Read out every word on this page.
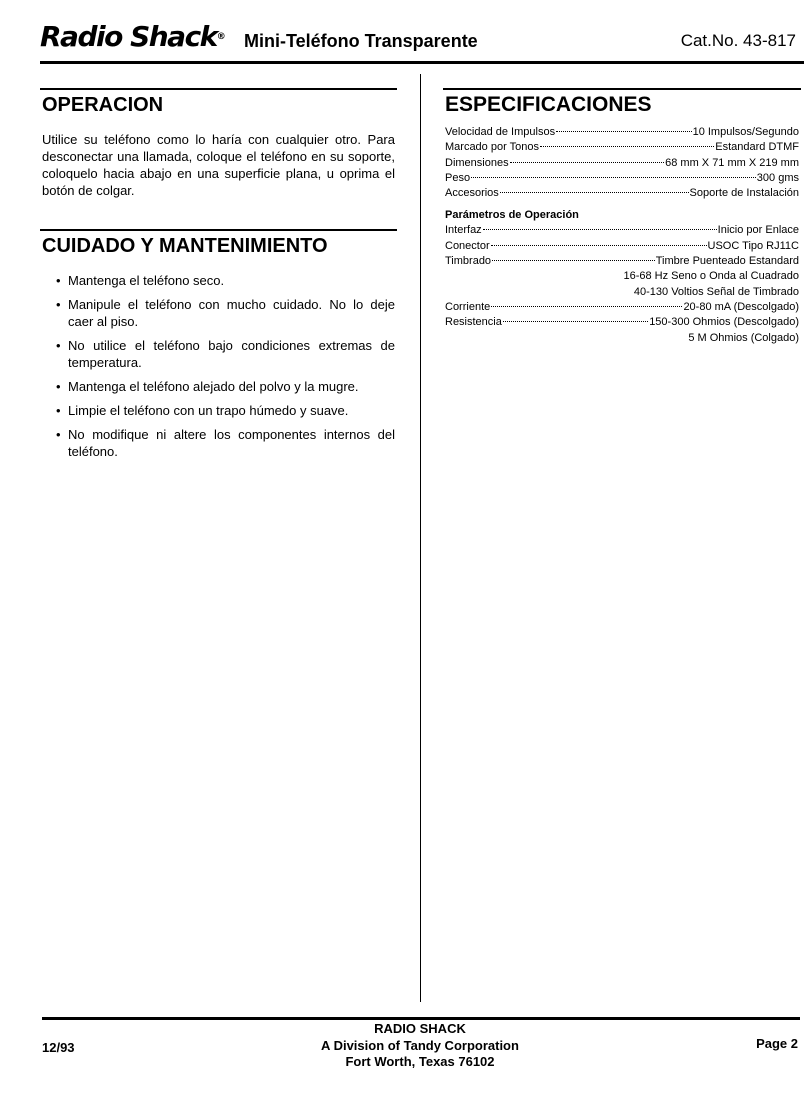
Radio Shack® Mini-Teléfono Transparente	Cat.No. 43-817
OPERACION

Utilice su teléfono como lo haría con cualquier otro. Para desconectar una llamada, coloque el teléfono en su soporte, coloquelo hacia abajo en una superficie plana, u oprima el botón de colgar.

CUIDADO Y MANTENIMIENTO
• Mantenga el teléfono seco.
• Manipule el teléfono con mucho cuidado. No lo deje caer al piso.
• No utilice el teléfono bajo condiciones extremas de temperatura.
• Mantenga el teléfono alejado del polvo y la mugre.
• Limpie el teléfono con un trapo húmedo y suave.
• No modifique ni altere los componentes internos del teléfono.
ESPECIFICACIONES
Velocidad de Impulsos	10 Impulsos/Segundo
Marcado por Tonos	Estandard DTMF
Dimensiones	68 mm X 71 mm X 219 mm
Peso	300 gms
Accesorios	Soporte de Instalación
Parámetros de Operación
Interfaz	Inicio por Enlace
Conector	USOC Tipo RJ11C
Timbrado	Timbre Puenteado Estandard
16-68 Hz Seno o Onda al Cuadrado
40-130 Voltios Señal de Timbrado
Corriente	20-80 mA (Descolgado)
Resistencia	150-300 Ohmios (Descolgado)
5 M Ohmios (Colgado)
12/93
RADIO SHACK
A Division of Tandy Corporation
Fort Worth, Texas 76102
Page 2
